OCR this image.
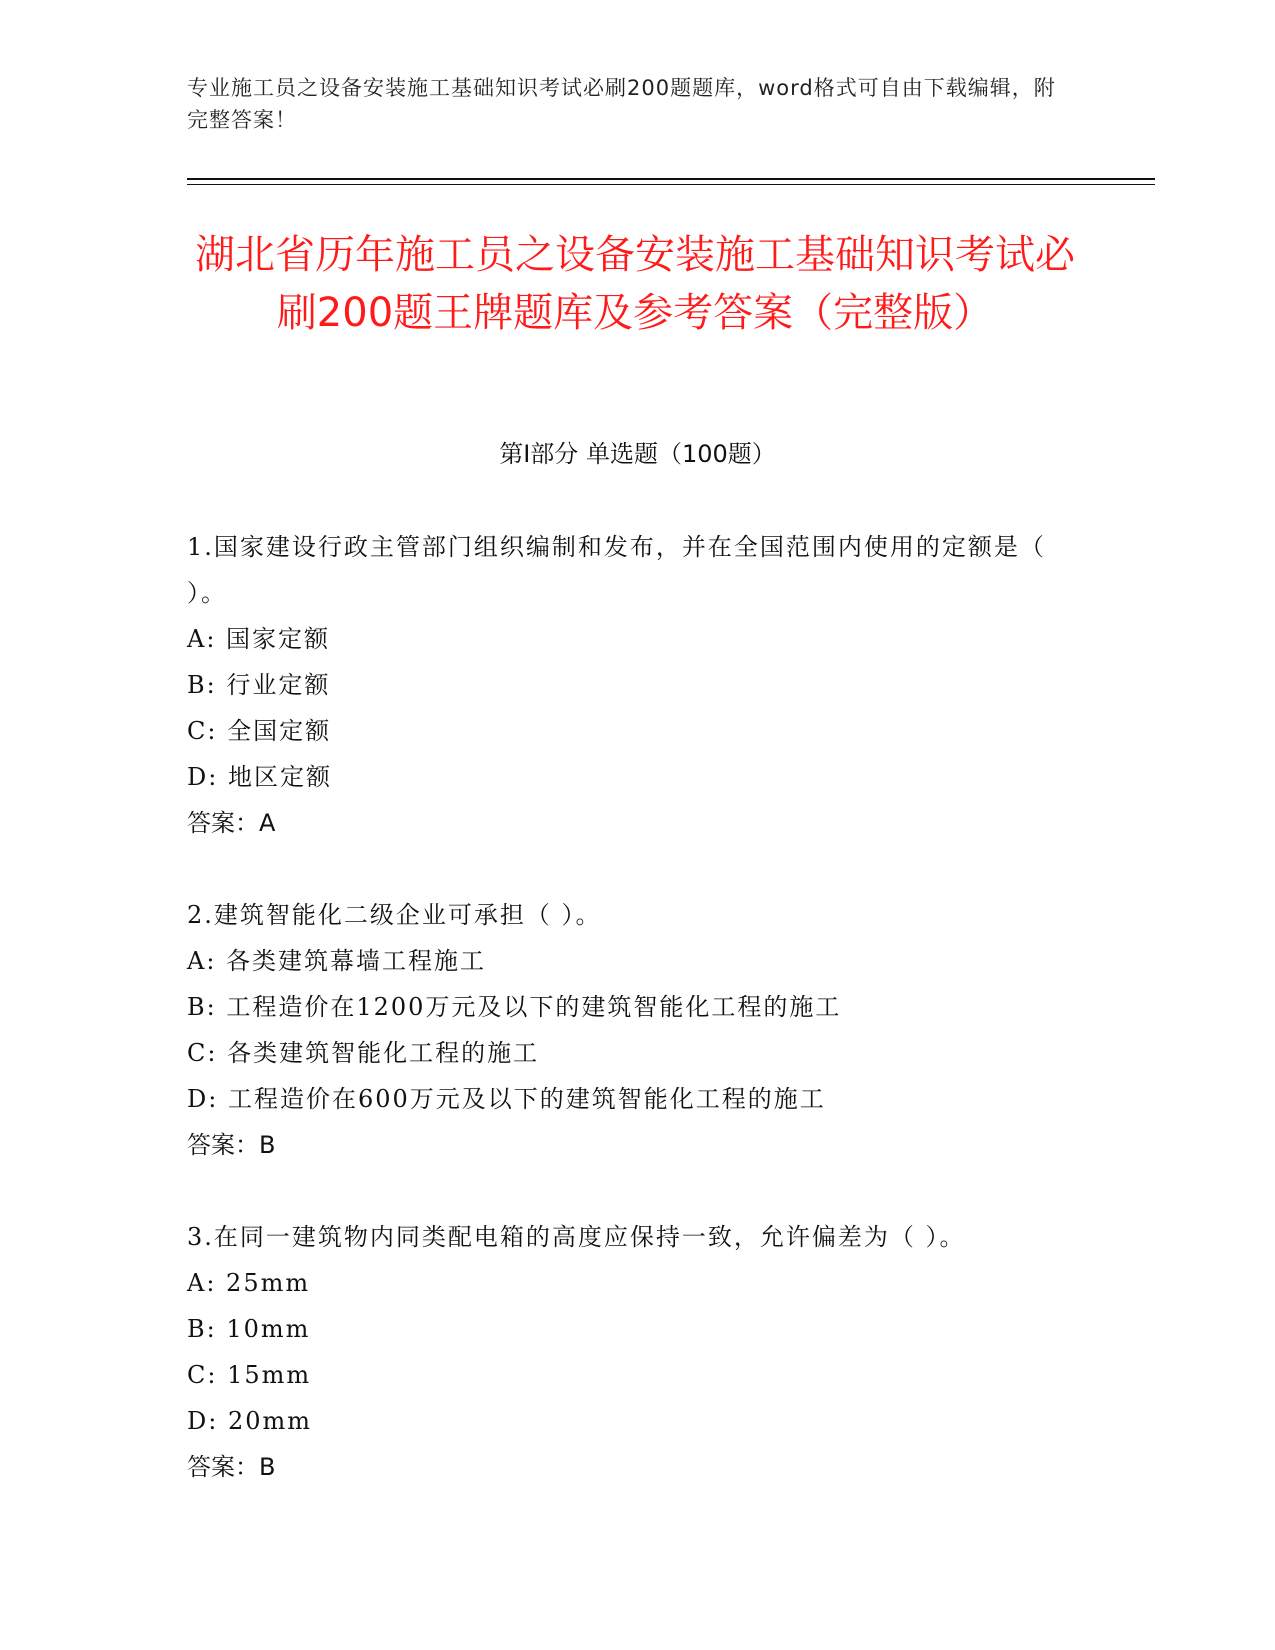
专业施工员之设备安装施工基础知识考试必刷200题题库，word格式可自由下载编辑，附完整答案！
湖北省历年施工员之设备安装施工基础知识考试必刷200题王牌题库及参考答案（完整版）
第Ⅰ部分 单选题（100题）
1.国家建设行政主管部门组织编制和发布，并在全国范围内使用的定额是（ ）。
A: 国家定额
B: 行业定额
C: 全国定额
D: 地区定额
答案：A
2.建筑智能化二级企业可承担（ ）。
A: 各类建筑幕墙工程施工
B: 工程造价在1200万元及以下的建筑智能化工程的施工
C: 各类建筑智能化工程的施工
D: 工程造价在600万元及以下的建筑智能化工程的施工
答案：B
3.在同一建筑物内同类配电箱的高度应保持一致，允许偏差为（ ）。
A: 25mm
B: 10mm
C: 15mm
D: 20mm
答案：B
